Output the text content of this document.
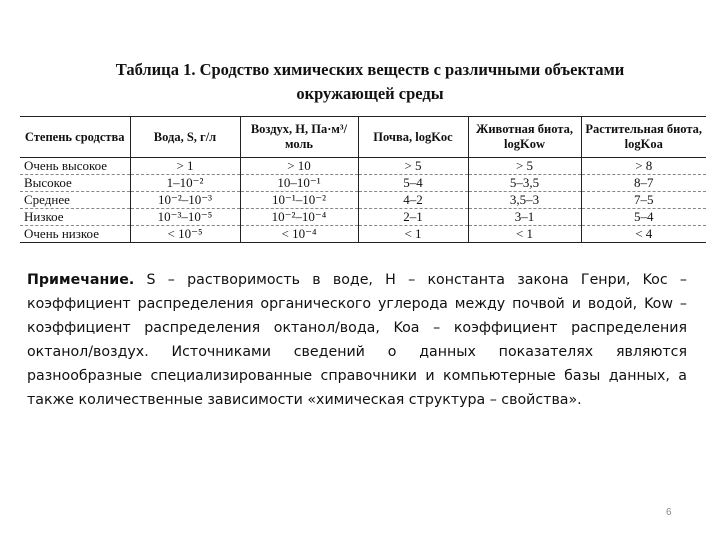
Таблица 1. Сродство химических веществ с различными объектами
окружающей среды
Степень сродства	Вода, S, г/л	Воздух, H, Па·м³/моль	Почва, logKoc	Животная биота, logKow	Растительная биота, logKoa
Очень высокое	> 1	> 10	> 5	> 5	> 8
Высокое	1–10⁻²	10–10⁻¹	5–4	5–3,5	8–7
Среднее	10⁻²–10⁻³	10⁻¹–10⁻²	4–2	3,5–3	7–5
Низкое	10⁻³–10⁻⁵	10⁻²–10⁻⁴	2–1	3–1	5–4
Очень низкое	< 10⁻⁵	< 10⁻⁴	< 1	< 1	< 4
Примечание. S – растворимость в воде, H – константа закона Генри, Koc – коэффициент распределения органического углерода между почвой и водой, Kow – коэффициент распределения октанол/вода, Koa – коэффициент распределения октанол/воздух. Источниками сведений о данных показателях являются разнообразные специализированные справочники и компьютерные базы данных, а также количественные зависимости «химическая структура – свойства».
6
